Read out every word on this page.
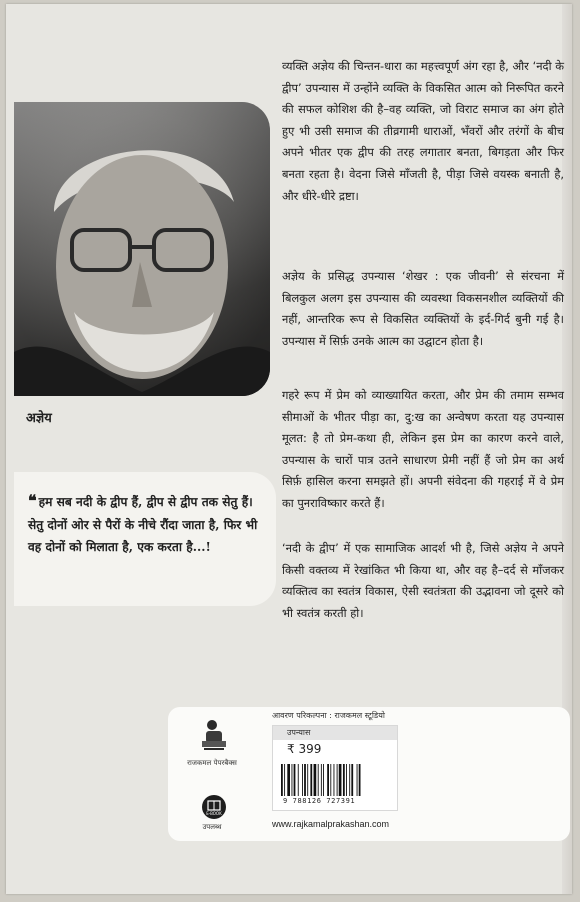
अज्ञेय
❝ हम सब नदी के द्वीप हैं, द्वीप से द्वीप तक सेतु हैं। सेतु दोनों ओर से पैरों के नीचे रौंदा जाता है, फिर भी वह दोनों को मिलाता है, एक करता है...!

व्यक्ति अज्ञेय की चिन्तन-धारा का महत्त्वपूर्ण अंग रहा है, और ‘नदी के द्वीप’ उपन्यास में उन्होंने व्यक्ति के विकसित आत्म को निरूपित करने की सफल कोशिश की है–वह व्यक्ति, जो विराट समाज का अंग होते हुए भी उसी समाज की तीव्रगामी धाराओं, भँवरों और तरंगों के बीच अपने भीतर एक द्वीप की तरह लगातार बनता, बिगड़ता और फिर बनता रहता है। वेदना जिसे माँजती है, पीड़ा जिसे वयस्क बनाती है, और धीरे-धीरे द्रष्टा।

अज्ञेय के प्रसिद्ध उपन्यास ‘शेखर : एक जीवनी’ से संरचना में बिलकुल अलग इस उपन्यास की व्यवस्था विकसनशील व्यक्तियों की नहीं, आन्तरिक रूप से विकसित व्यक्तियों के इर्द-गिर्द बुनी गई है। उपन्यास में सिर्फ़ उनके आत्म का उद्घाटन होता है।

गहरे रूप में प्रेम को व्याख्यायित करता, और प्रेम की तमाम सम्भव सीमाओं के भीतर पीड़ा का, दु:ख का अन्वेषण करता यह उपन्यास मूलत: है तो प्रेम-कथा ही, लेकिन इस प्रेम का कारण करने वाले, उपन्यास के चारों पात्र उतने साधारण प्रेमी नहीं हैं जो प्रेम का अर्थ सिर्फ़ हासिल करना समझते हों। अपनी संवेदना की गहराई में वे प्रेम का पुनराविष्कार करते हैं।

‘नदी के द्वीप’ में एक सामाजिक आदर्श भी है, जिसे अज्ञेय ने अपने किसी वक्तव्य में रेखांकित भी किया था, और वह है–दर्द से माँजकर व्यक्तित्व का स्वतंत्र विकास, ऐसी स्वतंत्रता की उद्भावना जो दूसरे को भी स्वतंत्र करती हो।

राजकमल पेपरबैक्स
E-BOOK
उपलब्ध
आवरण परिकल्पना : राजकमल स्टूडियो
उपन्यास
₹ 399
9 788126 727391
www.rajkamalprakashan.com
